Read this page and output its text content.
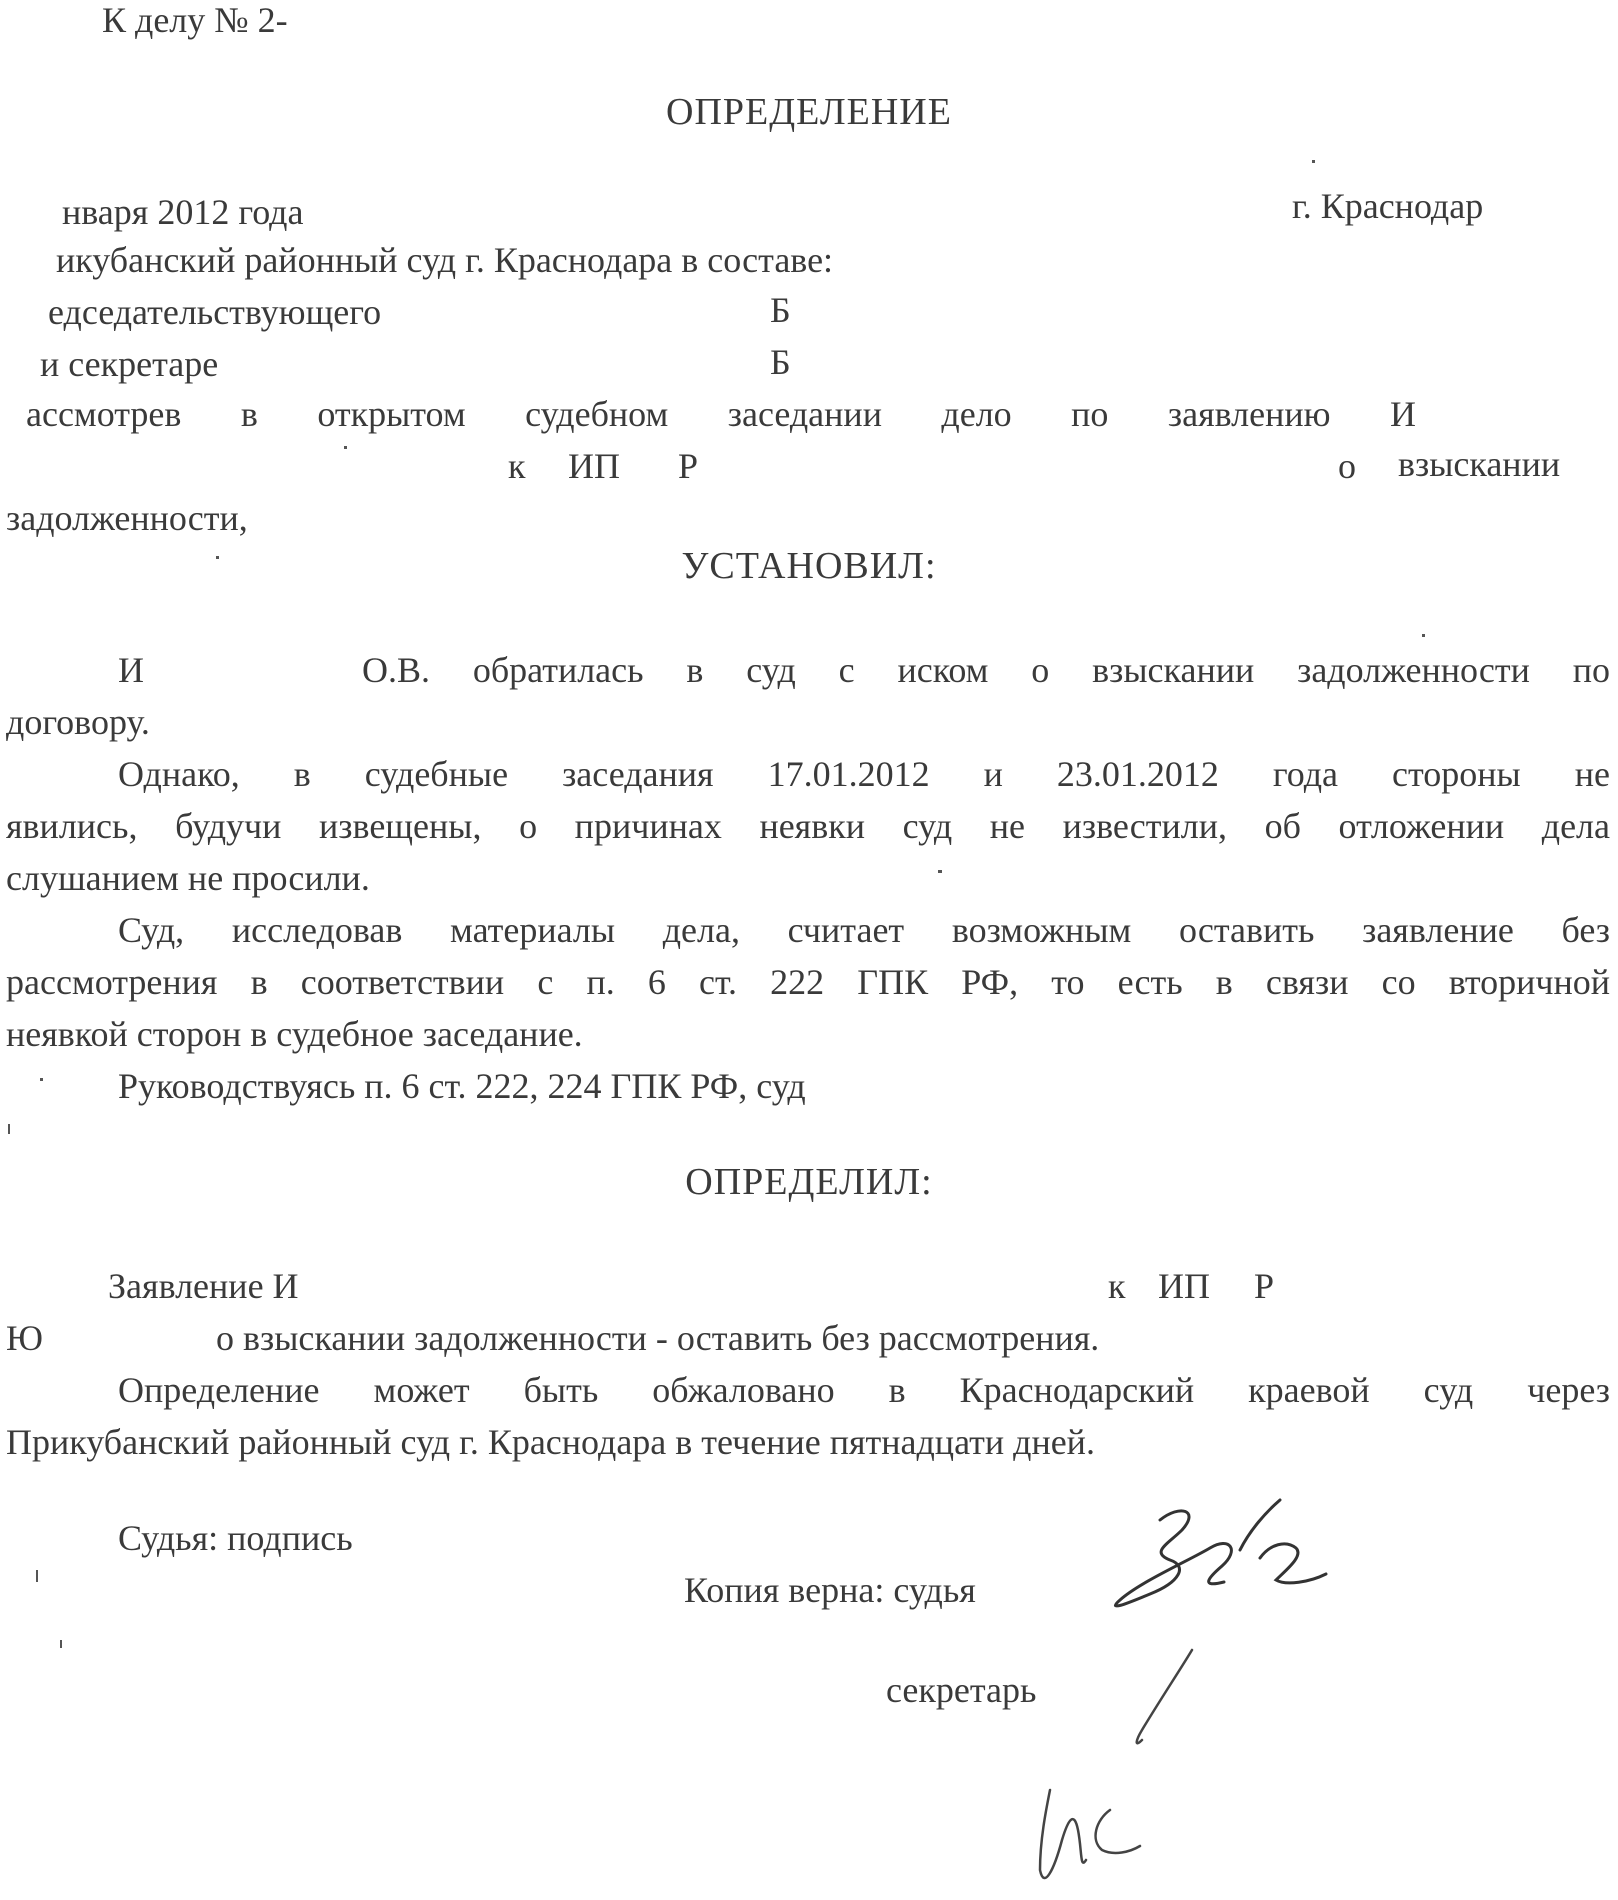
К делу № 2-
ОПРЕДЕЛЕНИЕ
нваря 2012 года	г. Краснодар
икубанский районный суд г. Краснодара в составе:
едседательствующего	Б
и секретаре	Б
ассмотрев в открытом судебном заседании дело по заявлению И
к ИП Р	о взыскании
задолженности,
УСТАНОВИЛ:
И	О.В. обратилась в суд с иском о взыскании задолженности по
договору.
Однако, в судебные заседания 17.01.2012 и 23.01.2012 года стороны не
явились, будучи извещены, о причинах неявки суд не известили, об отложении дела
слушанием не просили.
Суд, исследовав материалы дела, считает возможным оставить заявление без
рассмотрения в соответствии с п. 6 ст. 222 ГПК РФ, то есть в связи со вторичной
неявкой сторон в судебное заседание.
Руководствуясь п. 6 ст. 222, 224 ГПК РФ, суд
ОПРЕДЕЛИЛ:
Заявление И	к ИП Р
Ю	о взыскании задолженности - оставить без рассмотрения.
Определение может быть обжаловано в Краснодарский краевой суд через
Прикубанский районный суд г. Краснодара в течение пятнадцати дней.
Судья: подпись
Копия верна: судья
секретарь
